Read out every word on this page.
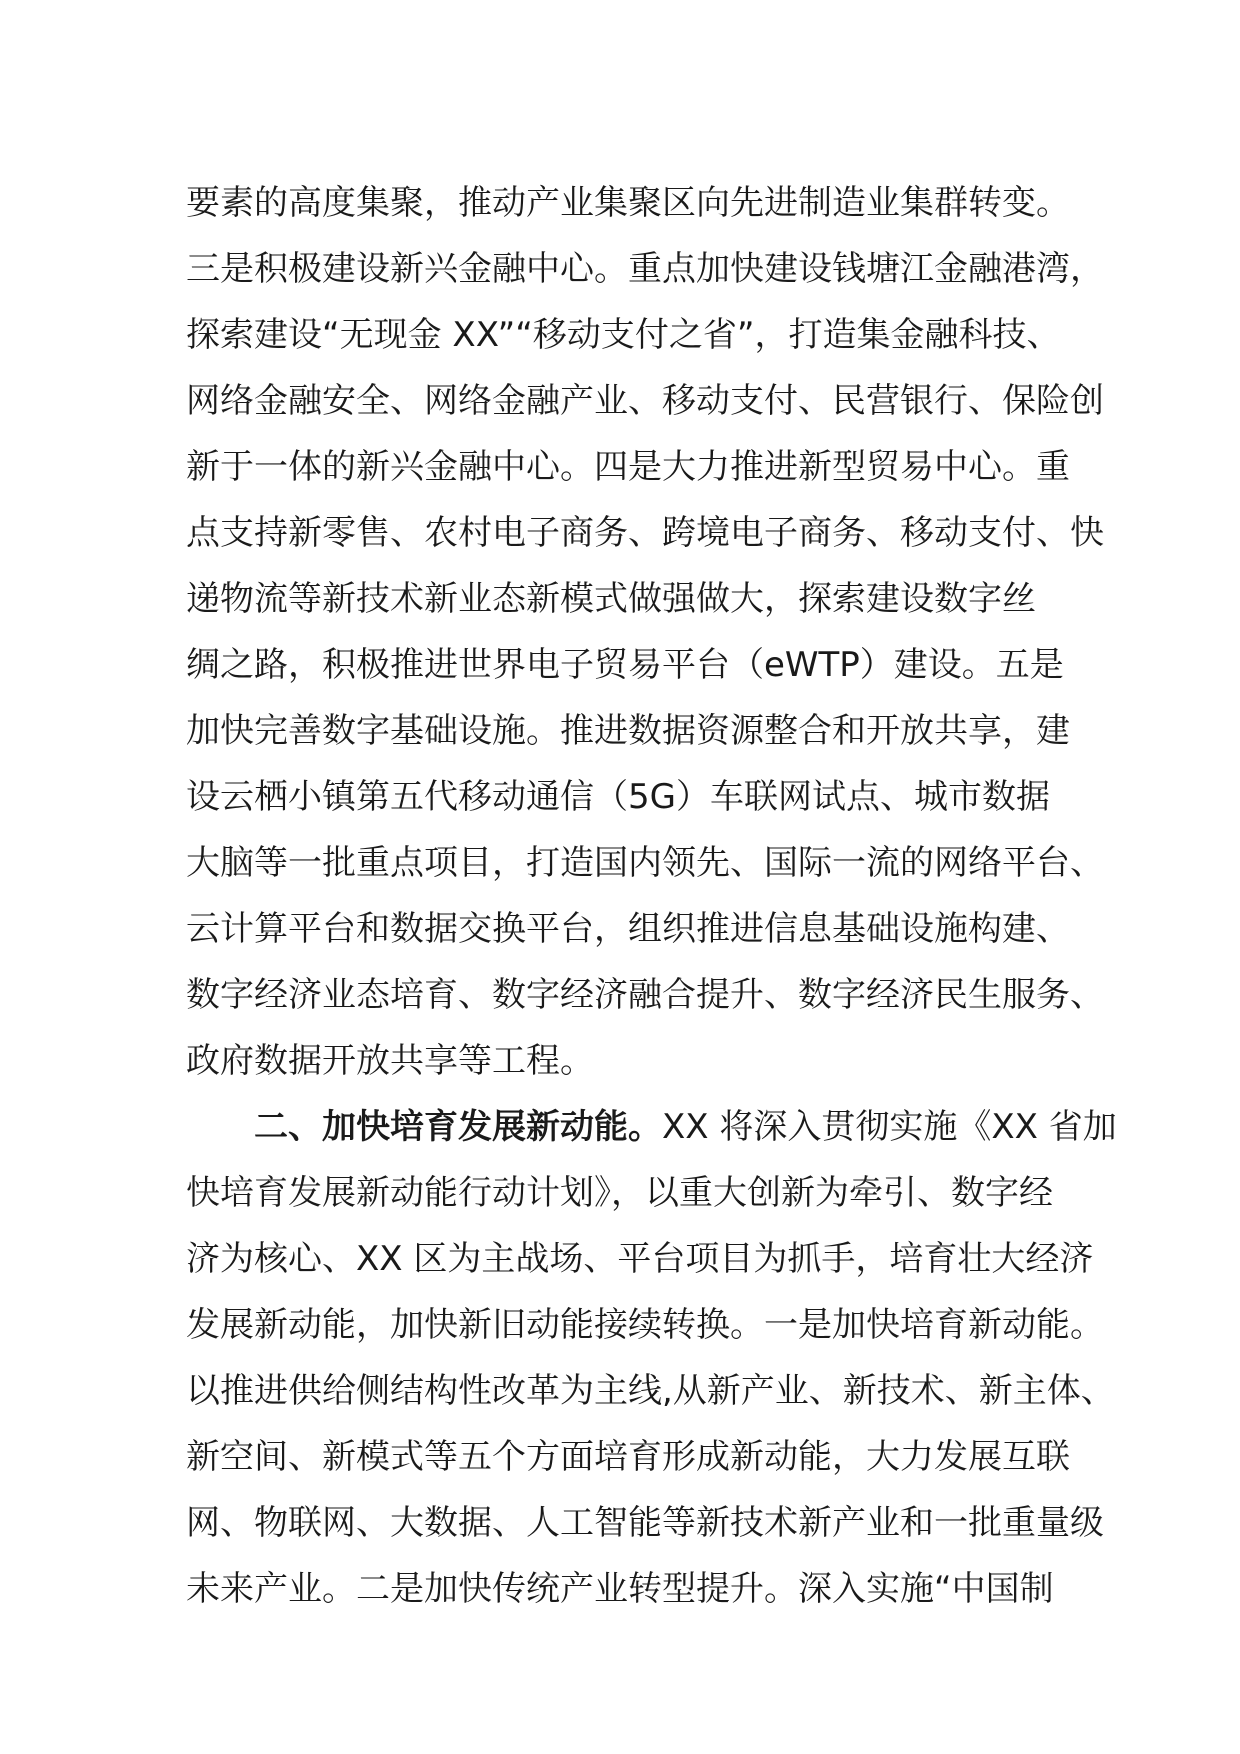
要素的高度集聚，推动产业集聚区向先进制造业集群转变。
三是积极建设新兴金融中心。重点加快建设钱塘江金融港湾，
探索建设“无现金 XX”“移动支付之省”，打造集金融科技、
网络金融安全、网络金融产业、移动支付、民营银行、保险创
新于一体的新兴金融中心。四是大力推进新型贸易中心。重
点支持新零售、农村电子商务、跨境电子商务、移动支付、快
递物流等新技术新业态新模式做强做大，探索建设数字丝
绸之路，积极推进世界电子贸易平台（eWTP）建设。五是
加快完善数字基础设施。推进数据资源整合和开放共享，建
设云栖小镇第五代移动通信（5G）车联网试点、城市数据
大脑等一批重点项目，打造国内领先、国际一流的网络平台、
云计算平台和数据交换平台，组织推进信息基础设施构建、
数字经济业态培育、数字经济融合提升、数字经济民生服务、
政府数据开放共享等工程。
二、加快培育发展新动能。XX 将深入贯彻实施《XX 省加
快培育发展新动能行动计划》，以重大创新为牵引、数字经
济为核心、XX 区为主战场、平台项目为抓手，培育壮大经济
发展新动能，加快新旧动能接续转换。一是加快培育新动能。
以推进供给侧结构性改革为主线,从新产业、新技术、新主体、
新空间、新模式等五个方面培育形成新动能，大力发展互联
网、物联网、大数据、人工智能等新技术新产业和一批重量级
未来产业。二是加快传统产业转型提升。深入实施“中国制
